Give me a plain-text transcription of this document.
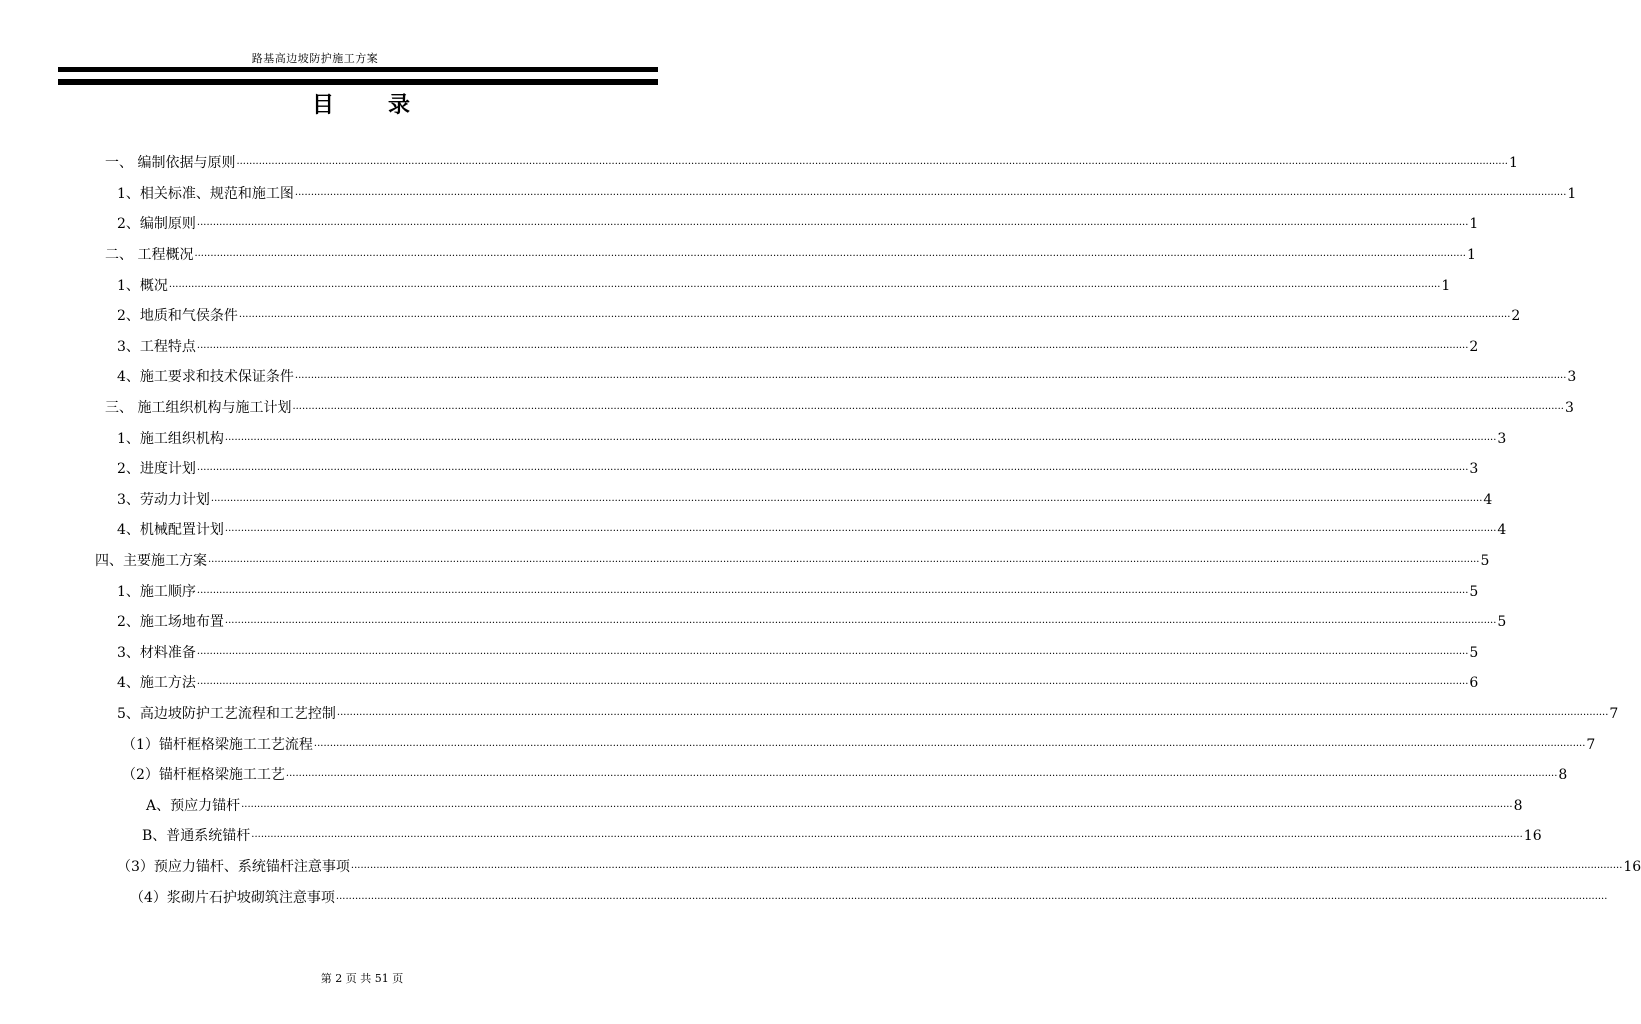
路基高边坡防护施工方案
目 录
一、 编制依据与原则 ················································································································································································································································································································································································································ 1
1、相关标准、规范和施工图 ················································································································································································································································································································································································································ 1
2、编制原则 ················································································································································································································································································································································································································ 1
二、 工程概况 ················································································································································································································································································································································································································ 1
1、概况 ················································································································································································································································································································································································································ 1
2、地质和气侯条件 ················································································································································································································································································································································································································ 2
3、工程特点 ················································································································································································································································································································································································································ 2
4、施工要求和技术保证条件 ················································································································································································································································································································································································································ 3
三、 施工组织机构与施工计划 ················································································································································································································································································································································································································ 3
1、施工组织机构 ················································································································································································································································································································································································································ 3
2、进度计划 ················································································································································································································································································································································································································ 3
3、劳动力计划 ················································································································································································································································································································································································································ 4
4、机械配置计划 ················································································································································································································································································································································································································ 4
四、主要施工方案 ················································································································································································································································································································································································································ 5
1、施工顺序 ················································································································································································································································································································································································································ 5
2、施工场地布置 ················································································································································································································································································································································································································ 5
3、材料准备 ················································································································································································································································································································································································································ 5
4、施工方法 ················································································································································································································································································································································································································ 6
5、高边坡防护工艺流程和工艺控制 ················································································································································································································································································································································································································ 7
（1）锚杆框格梁施工工艺流程 ················································································································································································································································································································································································································ 7
（2）锚杆框格梁施工工艺 ················································································································································································································································································································································································································ 8
A、预应力锚杆 ················································································································································································································································································································································································································ 8
B、普通系统锚杆 ················································································································································································································································································································································································································ 16
（3）预应力锚杆、系统锚杆注意事项 ················································································································································································································································································································································································································ 16
（4）浆砌片石护坡砌筑注意事项 ················································································································································································································································································································································································································
第 2 页 共 51 页
